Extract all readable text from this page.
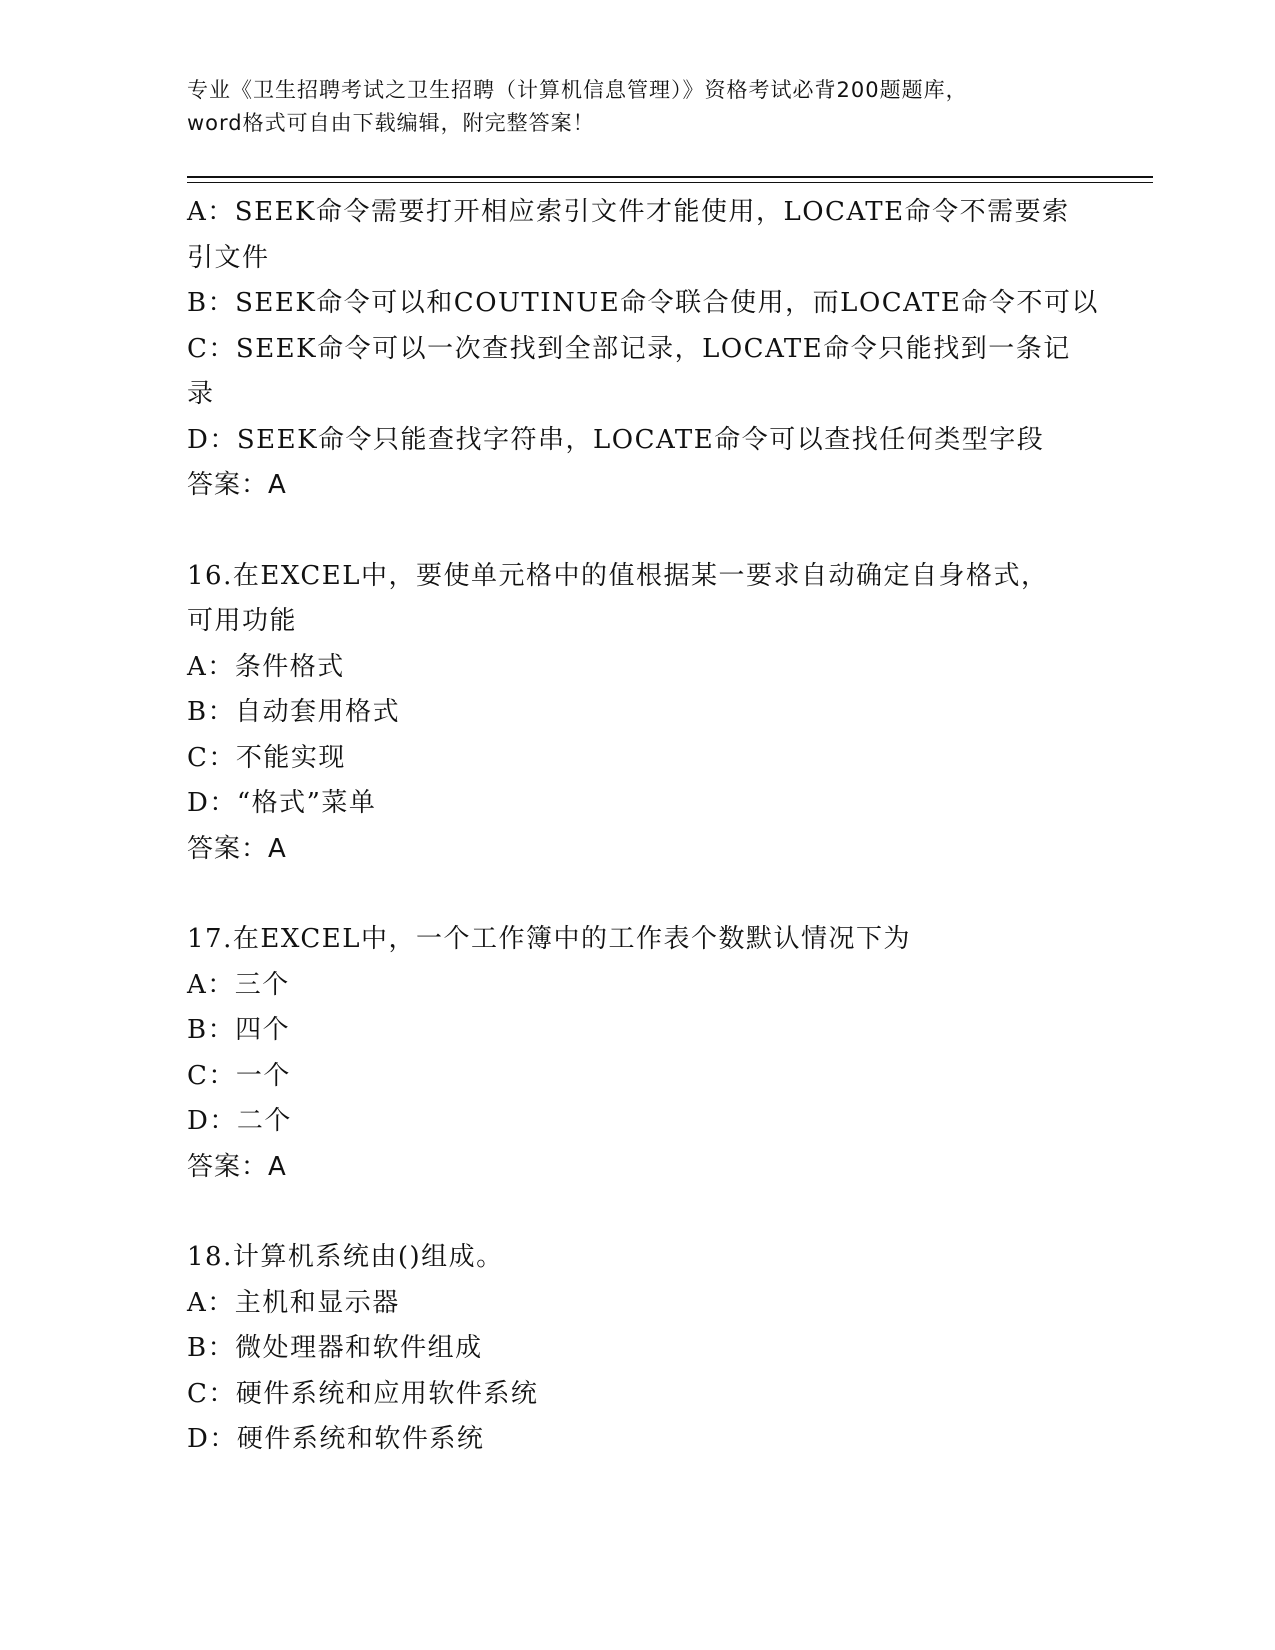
专业《卫生招聘考试之卫生招聘（计算机信息管理）》资格考试必背200题题库，
word格式可自由下载编辑，附完整答案！
A：SEEK命令需要打开相应索引文件才能使用，LOCATE命令不需要索
引文件
B：SEEK命令可以和COUTINUE命令联合使用，而LOCATE命令不可以
C：SEEK命令可以一次查找到全部记录，LOCATE命令只能找到一条记
录
D：SEEK命令只能查找字符串，LOCATE命令可以查找任何类型字段
答案：A
16.在EXCEL中，要使单元格中的值根据某一要求自动确定自身格式，
可用功能
A：条件格式
B：自动套用格式
C：不能实现
D：“格式”菜单
答案：A
17.在EXCEL中，一个工作簿中的工作表个数默认情况下为
A：三个
B：四个
C：一个
D：二个
答案：A
18.计算机系统由()组成。
A：主机和显示器
B：微处理器和软件组成
C：硬件系统和应用软件系统
D：硬件系统和软件系统
